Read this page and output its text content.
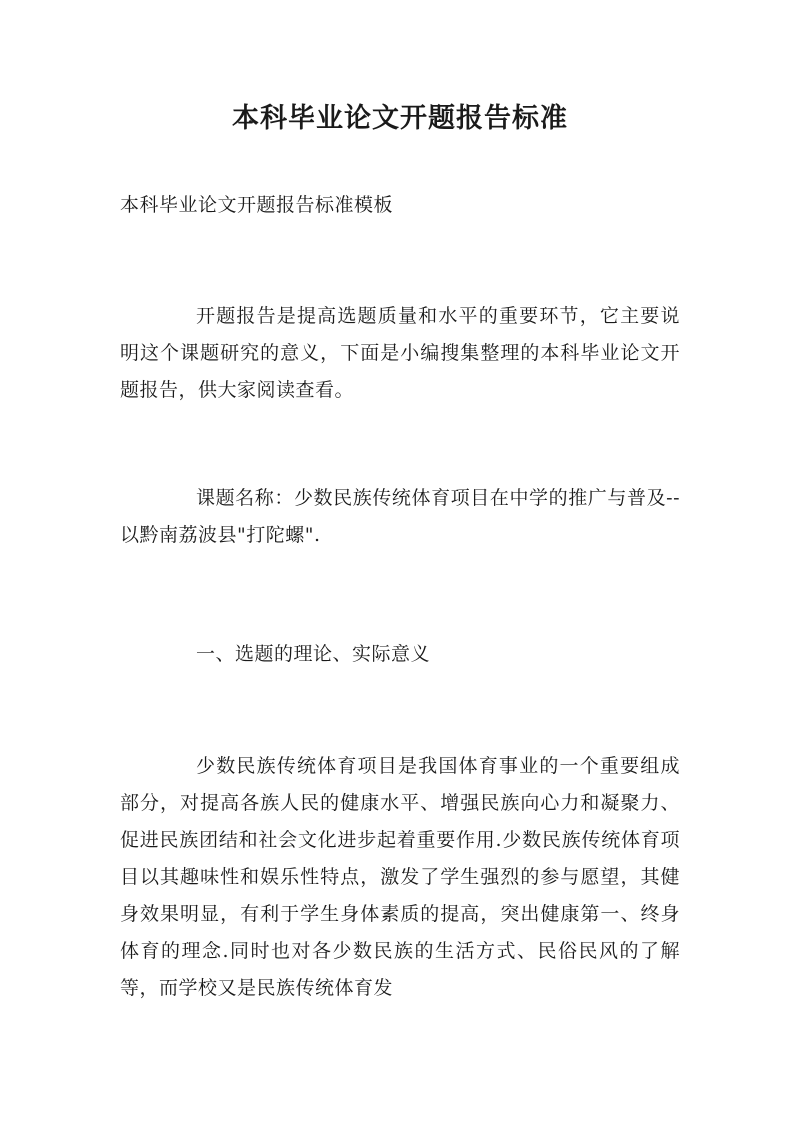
本科毕业论文开题报告标准

本科毕业论文开题报告标准模板

开题报告是提高选题质量和水平的重要环节，它主要说明这个课题研究的意义，下面是小编搜集整理的本科毕业论文开题报告，供大家阅读查看。

课题名称：少数民族传统体育项目在中学的推广与普及--以黔南荔波县"打陀螺".

一、选题的理论、实际意义

少数民族传统体育项目是我国体育事业的一个重要组成部分，对提高各族人民的健康水平、增强民族向心力和凝聚力、促进民族团结和社会文化进步起着重要作用.少数民族传统体育项目以其趣味性和娱乐性特点，激发了学生强烈的参与愿望，其健身效果明显，有利于学生身体素质的提高，突出健康第一、终身体育的理念.同时也对各少数民族的生活方式、民俗民风的了解等，而学校又是民族传统体育发
